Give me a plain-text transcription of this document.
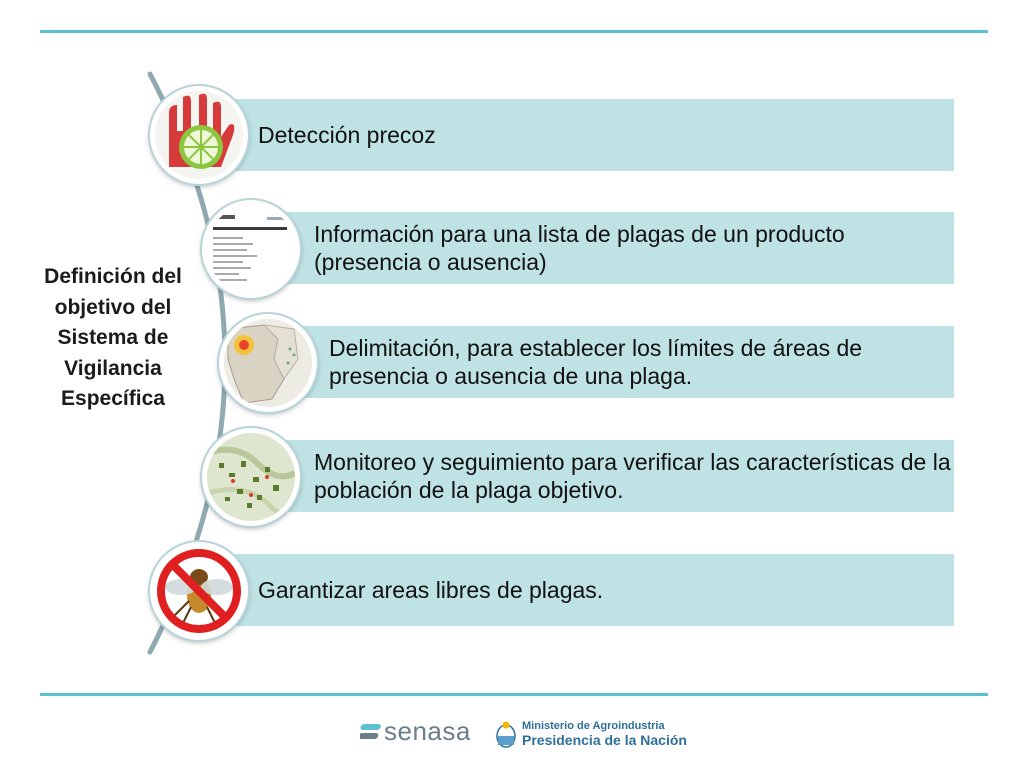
Definición del objetivo del Sistema de Vigilancia Específica
Detección precoz
Información para una lista de plagas de un producto (presencia o ausencia)
Delimitación, para establecer los límites de áreas de presencia o ausencia de una plaga.
Monitoreo y seguimiento para verificar las características de la población de la plaga objetivo.
Garantizar areas libres de plagas.
senasa	Ministerio de Agroindustria
Presidencia de la Nación
